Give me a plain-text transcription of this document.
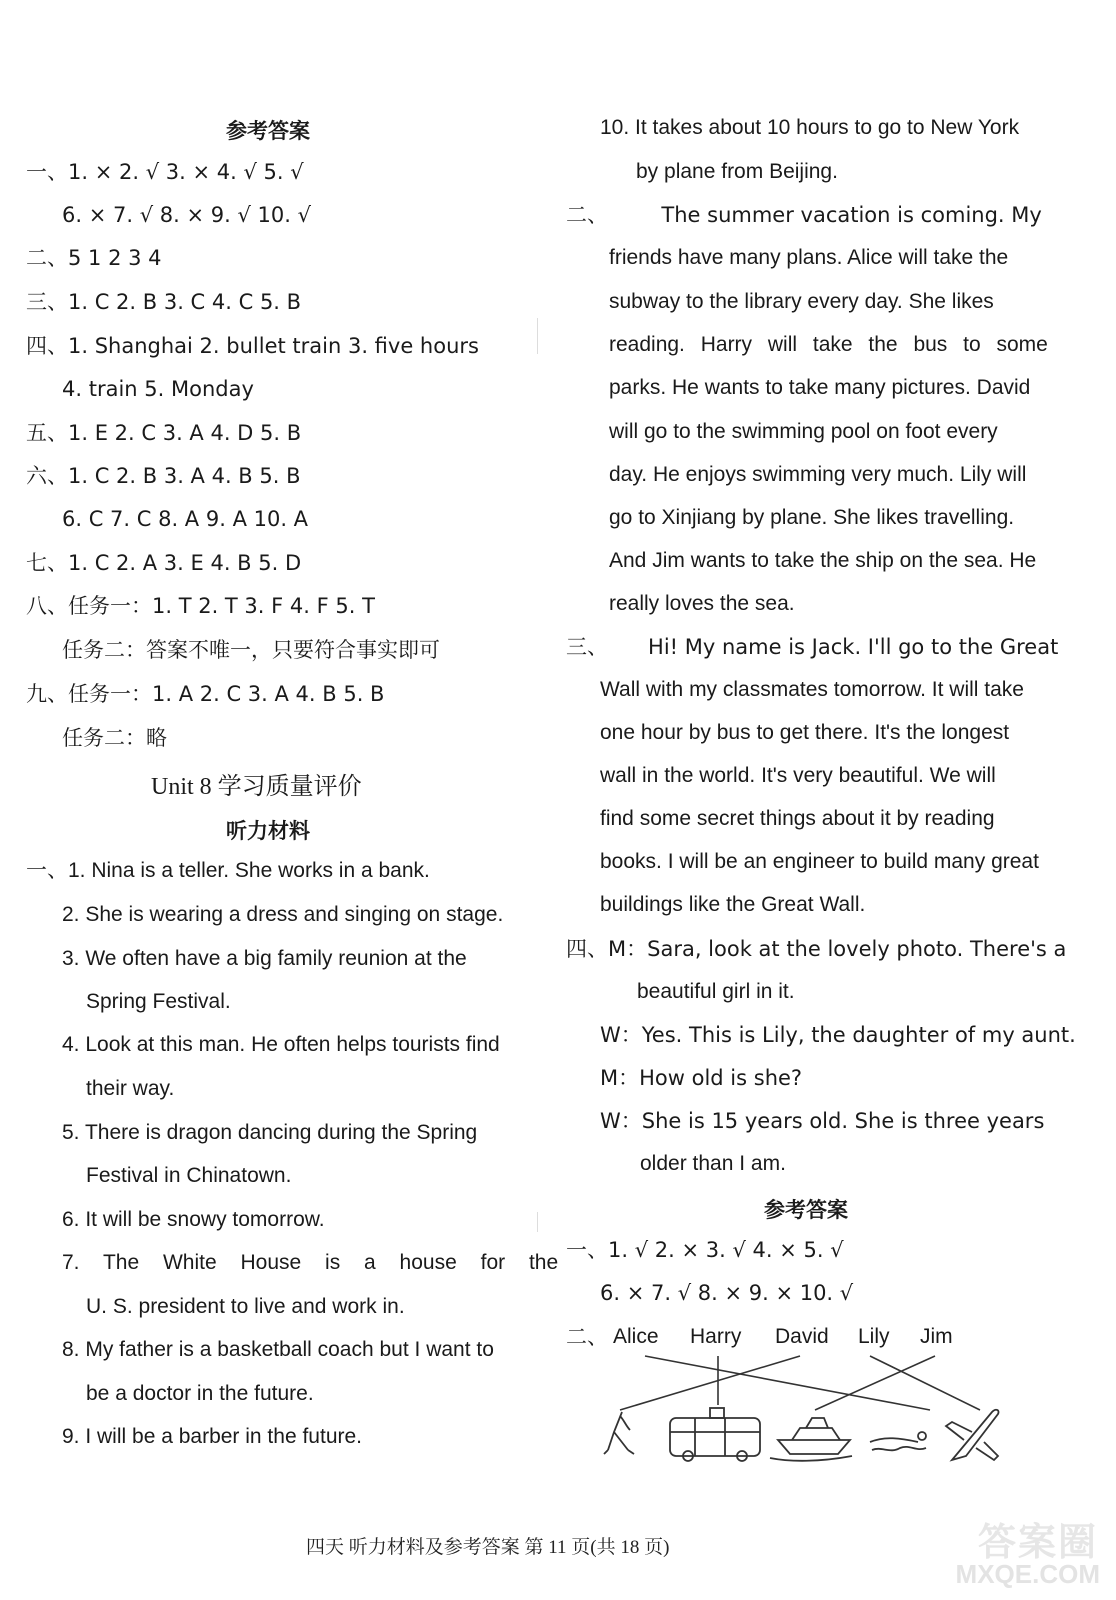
参考答案
一、1. × 2. √ 3. × 4. √ 5. √
6. × 7. √ 8. × 9. √ 10. √
二、5 1 2 3 4
三、1. C 2. B 3. C 4. C 5. B
四、1. Shanghai 2. bullet train 3. five hours
4. train 5. Monday
五、1. E 2. C 3. A 4. D 5. B
六、1. C 2. B 3. A 4. B 5. B
6. C 7. C 8. A 9. A 10. A
七、1. C 2. A 3. E 4. B 5. D
八、任务一：1. T 2. T 3. F 4. F 5. T
任务二：答案不唯一，只要符合事实即可
九、任务一：1. A 2. C 3. A 4. B 5. B
任务二：略
Unit 8 学习质量评价
听力材料
一、1. Nina is a teller. She works in a bank.
2. She is wearing a dress and singing on stage.
3. We often have a big family reunion at the
Spring Festival.
4. Look at this man. He often helps tourists find
their way.
5. There is dragon dancing during the Spring
Festival in Chinatown.
6. It will be snowy tomorrow.
7. The White House is a house for the
U. S. president to live and work in.
8. My father is a basketball coach but I want to
be a doctor in the future.
9. I will be a barber in the future.
10. It takes about 10 hours to go to New York
by plane from Beijing.
二、        The summer vacation is coming. My
friends have many plans. Alice will take the
subway to the library every day. She likes
reading. Harry will take the bus to some
parks. He wants to take many pictures. David
will go to the swimming pool on foot every
day. He enjoys swimming very much. Lily will
go to Xinjiang by plane. She likes travelling.
And Jim wants to take the ship on the sea. He
really loves the sea.
三、      Hi! My name is Jack. I'll go to the Great
Wall with my classmates tomorrow. It will take
one hour by bus to get there. It's the longest
wall in the world. It's very beautiful. We will
find some secret things about it by reading
books. I will be an engineer to build many great
buildings like the Great Wall.
四、M：Sara, look at the lovely photo. There's a
beautiful girl in it.
W：Yes. This is Lily, the daughter of my aunt.
M：How old is she?
W：She is 15 years old. She is three years
older than I am.
参考答案
一、1. √ 2. × 3. √ 4. × 5. √
6. × 7. √ 8. × 9. × 10. √
二、 Alice Harry David Lily Jim
四天 听力材料及参考答案 第 11 页(共 18 页)	答案圈
MXQE.COM
